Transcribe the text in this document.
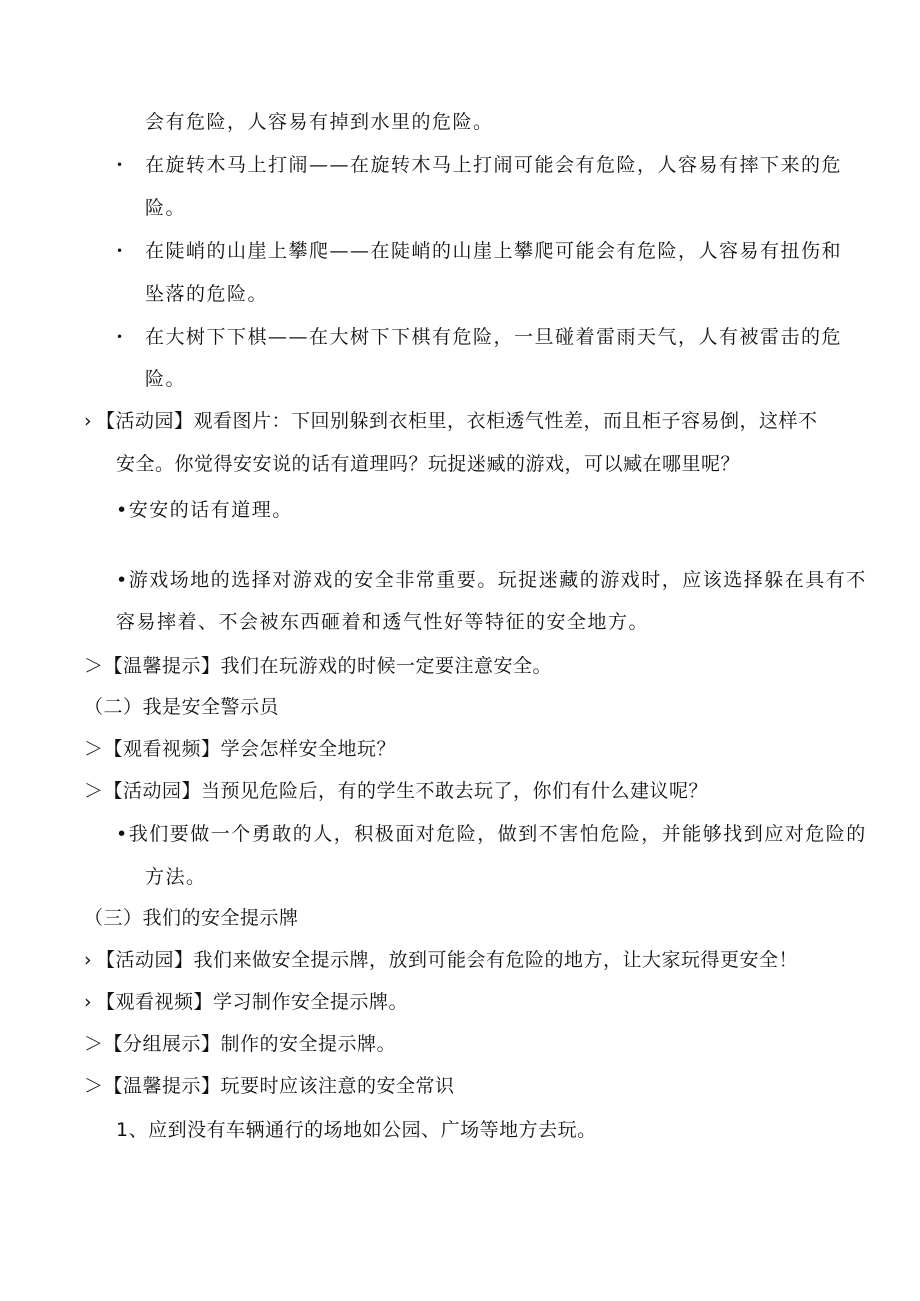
会有危险，人容易有掉到水里的危险。
• 在旋转木马上打闹——在旋转木马上打闹可能会有危险，人容易有摔下来的危
险。
• 在陡峭的山崖上攀爬——在陡峭的山崖上攀爬可能会有危险，人容易有扭伤和
坠落的危险。
• 在大树下下棋——在大树下下棋有危险，一旦碰着雷雨天气，人有被雷击的危
险。
› 【活动园】观看图片：下回别躲到衣柜里，衣柜透气性差，而且柜子容易倒，这样不
安全。你觉得安安说的话有道理吗？玩捉迷臧的游戏，可以臧在哪里呢？
•安安的话有道理。
•游戏场地的选择对游戏的安全非常重要。玩捉迷藏的游戏时，应该选择躲在具有不
容易摔着、不会被东西砸着和透气性好等特征的安全地方。
＞【温馨提示】我们在玩游戏的时候一定要注意安全。
（二）我是安全警示员
＞【观看视频】学会怎样安全地玩？
＞【活动园】当预见危险后，有的学生不敢去玩了，你们有什么建议呢？
•我们要做一个勇敢的人，积极面对危险，做到不害怕危险，并能够找到应对危险的
方法。
（三）我们的安全提示牌
› 【活动园】我们来做安全提示牌，放到可能会有危险的地方，让大家玩得更安全！
› 【观看视频】学习制作安全提示牌。
＞【分组展示】制作的安全提示牌。
＞【温馨提示】玩要时应该注意的安全常识
1、应到没有车辆通行的场地如公园、广场等地方去玩。
